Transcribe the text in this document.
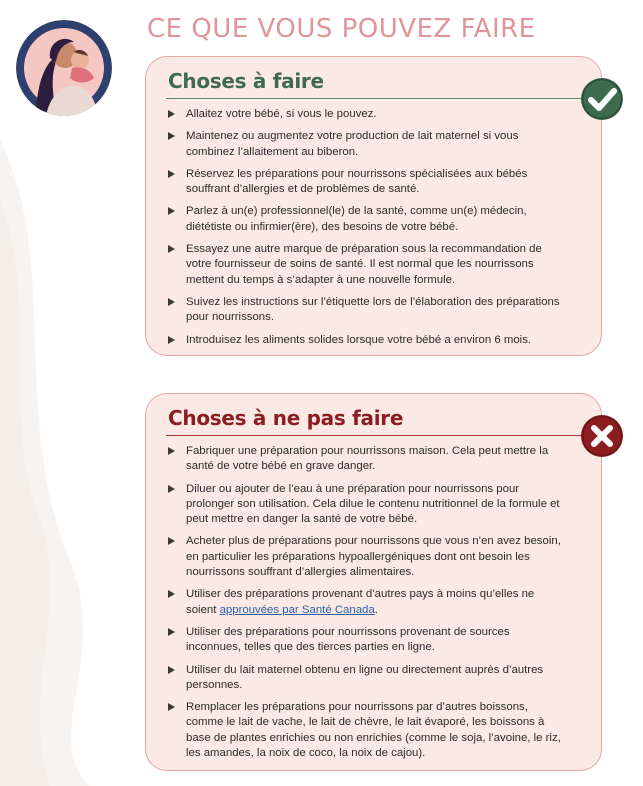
CE QUE VOUS POUVEZ FAIRE
Choses à faire
Allaitez votre bébé, si vous le pouvez.
Maintenez ou augmentez votre production de lait maternel si vous combinez l’allaitement au biberon.
Réservez les préparations pour nourrissons spécialisées aux bébés souffrant d’allergies et de problèmes de santé.
Parlez à un(e) professionnel(le) de la santé, comme un(e) médecin, diététiste ou infirmier(ère), des besoins de votre bébé.
Essayez une autre marque de préparation sous la recommandation de votre fournisseur de soins de santé. Il est normal que les nourrissons mettent du temps à s’adapter à une nouvelle formule.
Suivez les instructions sur l’étiquette lors de l’élaboration des préparations pour nourrissons.
Introduisez les aliments solides lorsque votre bébé a environ 6 mois.
Choses à ne pas faire
Fabriquer une préparation pour nourrissons maison. Cela peut mettre la santé de votre bébé en grave danger.
Diluer ou ajouter de l’eau à une préparation pour nourrissons pour prolonger son utilisation. Cela dilue le contenu nutritionnel de la formule et peut mettre en danger la santé de votre bébé.
Acheter plus de préparations pour nourrissons que vous n’en avez besoin, en particulier les préparations hypoallergéniques dont ont besoin les nourrissons souffrant d’allergies alimentaires.
Utiliser des préparations provenant d’autres pays à moins qu’elles ne soient approuvées par Santé Canada.
Utiliser des préparations pour nourrissons provenant de sources inconnues, telles que des tierces parties en ligne.
Utiliser du lait maternel obtenu en ligne ou directement auprès d’autres personnes.
Remplacer les préparations pour nourrissons par d’autres boissons, comme le lait de vache, le lait de chèvre, le lait évaporé, les boissons à base de plantes enrichies ou non enrichies (comme le soja, l’avoine, le riz, les amandes, la noix de coco, la noix de cajou).
